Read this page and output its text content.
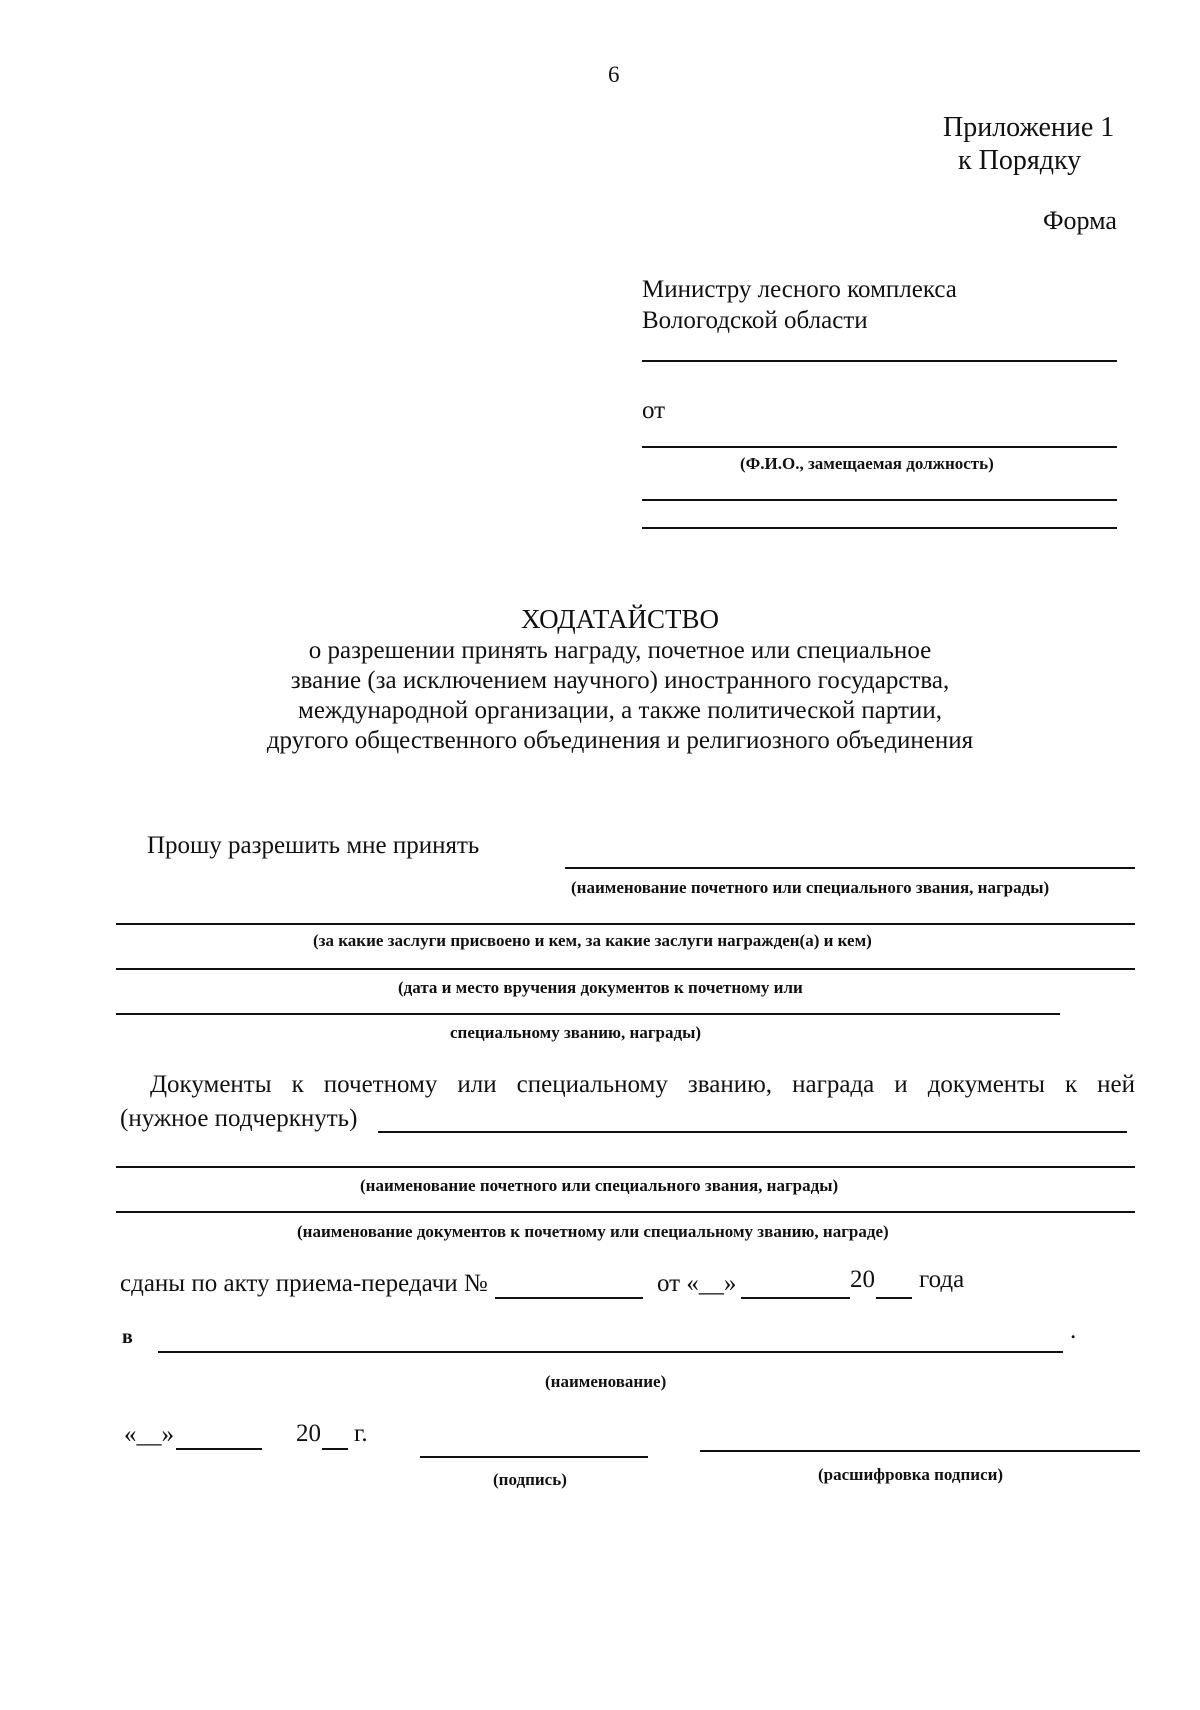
6
Приложение 1
к Порядку
Форма
Министру лесного комплекса
Вологодской области
от
(Ф.И.О., замещаемая должность)
ХОДАТАЙСТВО
о разрешении принять награду, почетное или специальное
звание (за исключением научного) иностранного государства,
международной организации, а также политической партии,
другого общественного объединения и религиозного объединения
Прошу разрешить мне принять
(наименование почетного или специального звания, награды)
(за какие заслуги присвоено и кем, за какие заслуги награжден(а) и кем)
(дата и место вручения документов к почетному или
специальному званию, награды)
Документы к почетному или специальному званию, награда и документы к ней
(нужное подчеркнуть)
(наименование почетного или специального звания, награды)
(наименование документов к почетному или специальному званию, награде)
сданы по акту приема-передачи №	от «__»	20 года
в	.
(наименование)
«__»	20 г.
(подпись)	(расшифровка подписи)
